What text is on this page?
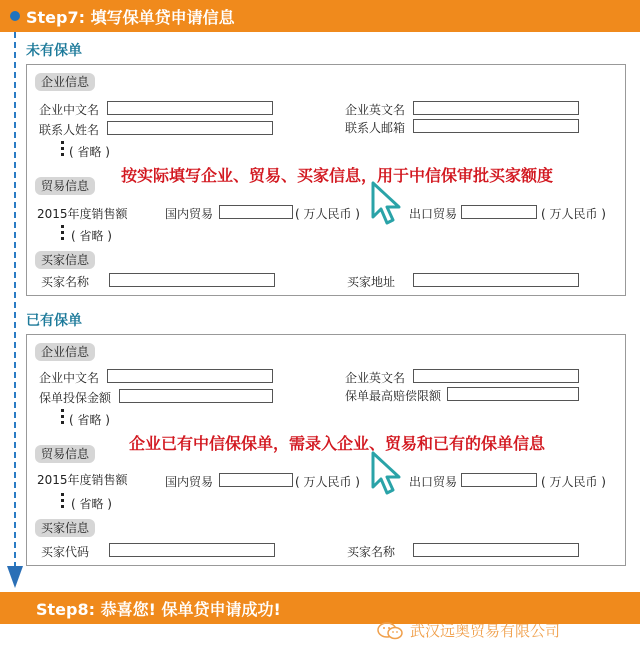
Step7: 填写保单贷申请信息
未有保单
企业信息
企业中文名	企业英文名
联系人姓名	联系人邮箱
( 省略 )
按实际填写企业、贸易、买家信息，用于中信保审批买家额度
贸易信息
2015年度销售额	国内贸易	( 万人民币 )	出口贸易	( 万人民币 )
( 省略 )
买家信息
买家名称	买家地址
已有保单
企业信息
企业中文名	企业英文名
保单投保金额	保单最高赔偿限额
( 省略 )
企业已有中信保保单，需录入企业、贸易和已有的保单信息
贸易信息
2015年度销售额	国内贸易	( 万人民币 )	出口贸易	( 万人民币 )
( 省略 )
买家信息
买家代码	买家名称
Step8: 恭喜您! 保单贷申请成功!
武汉远奥贸易有限公司
